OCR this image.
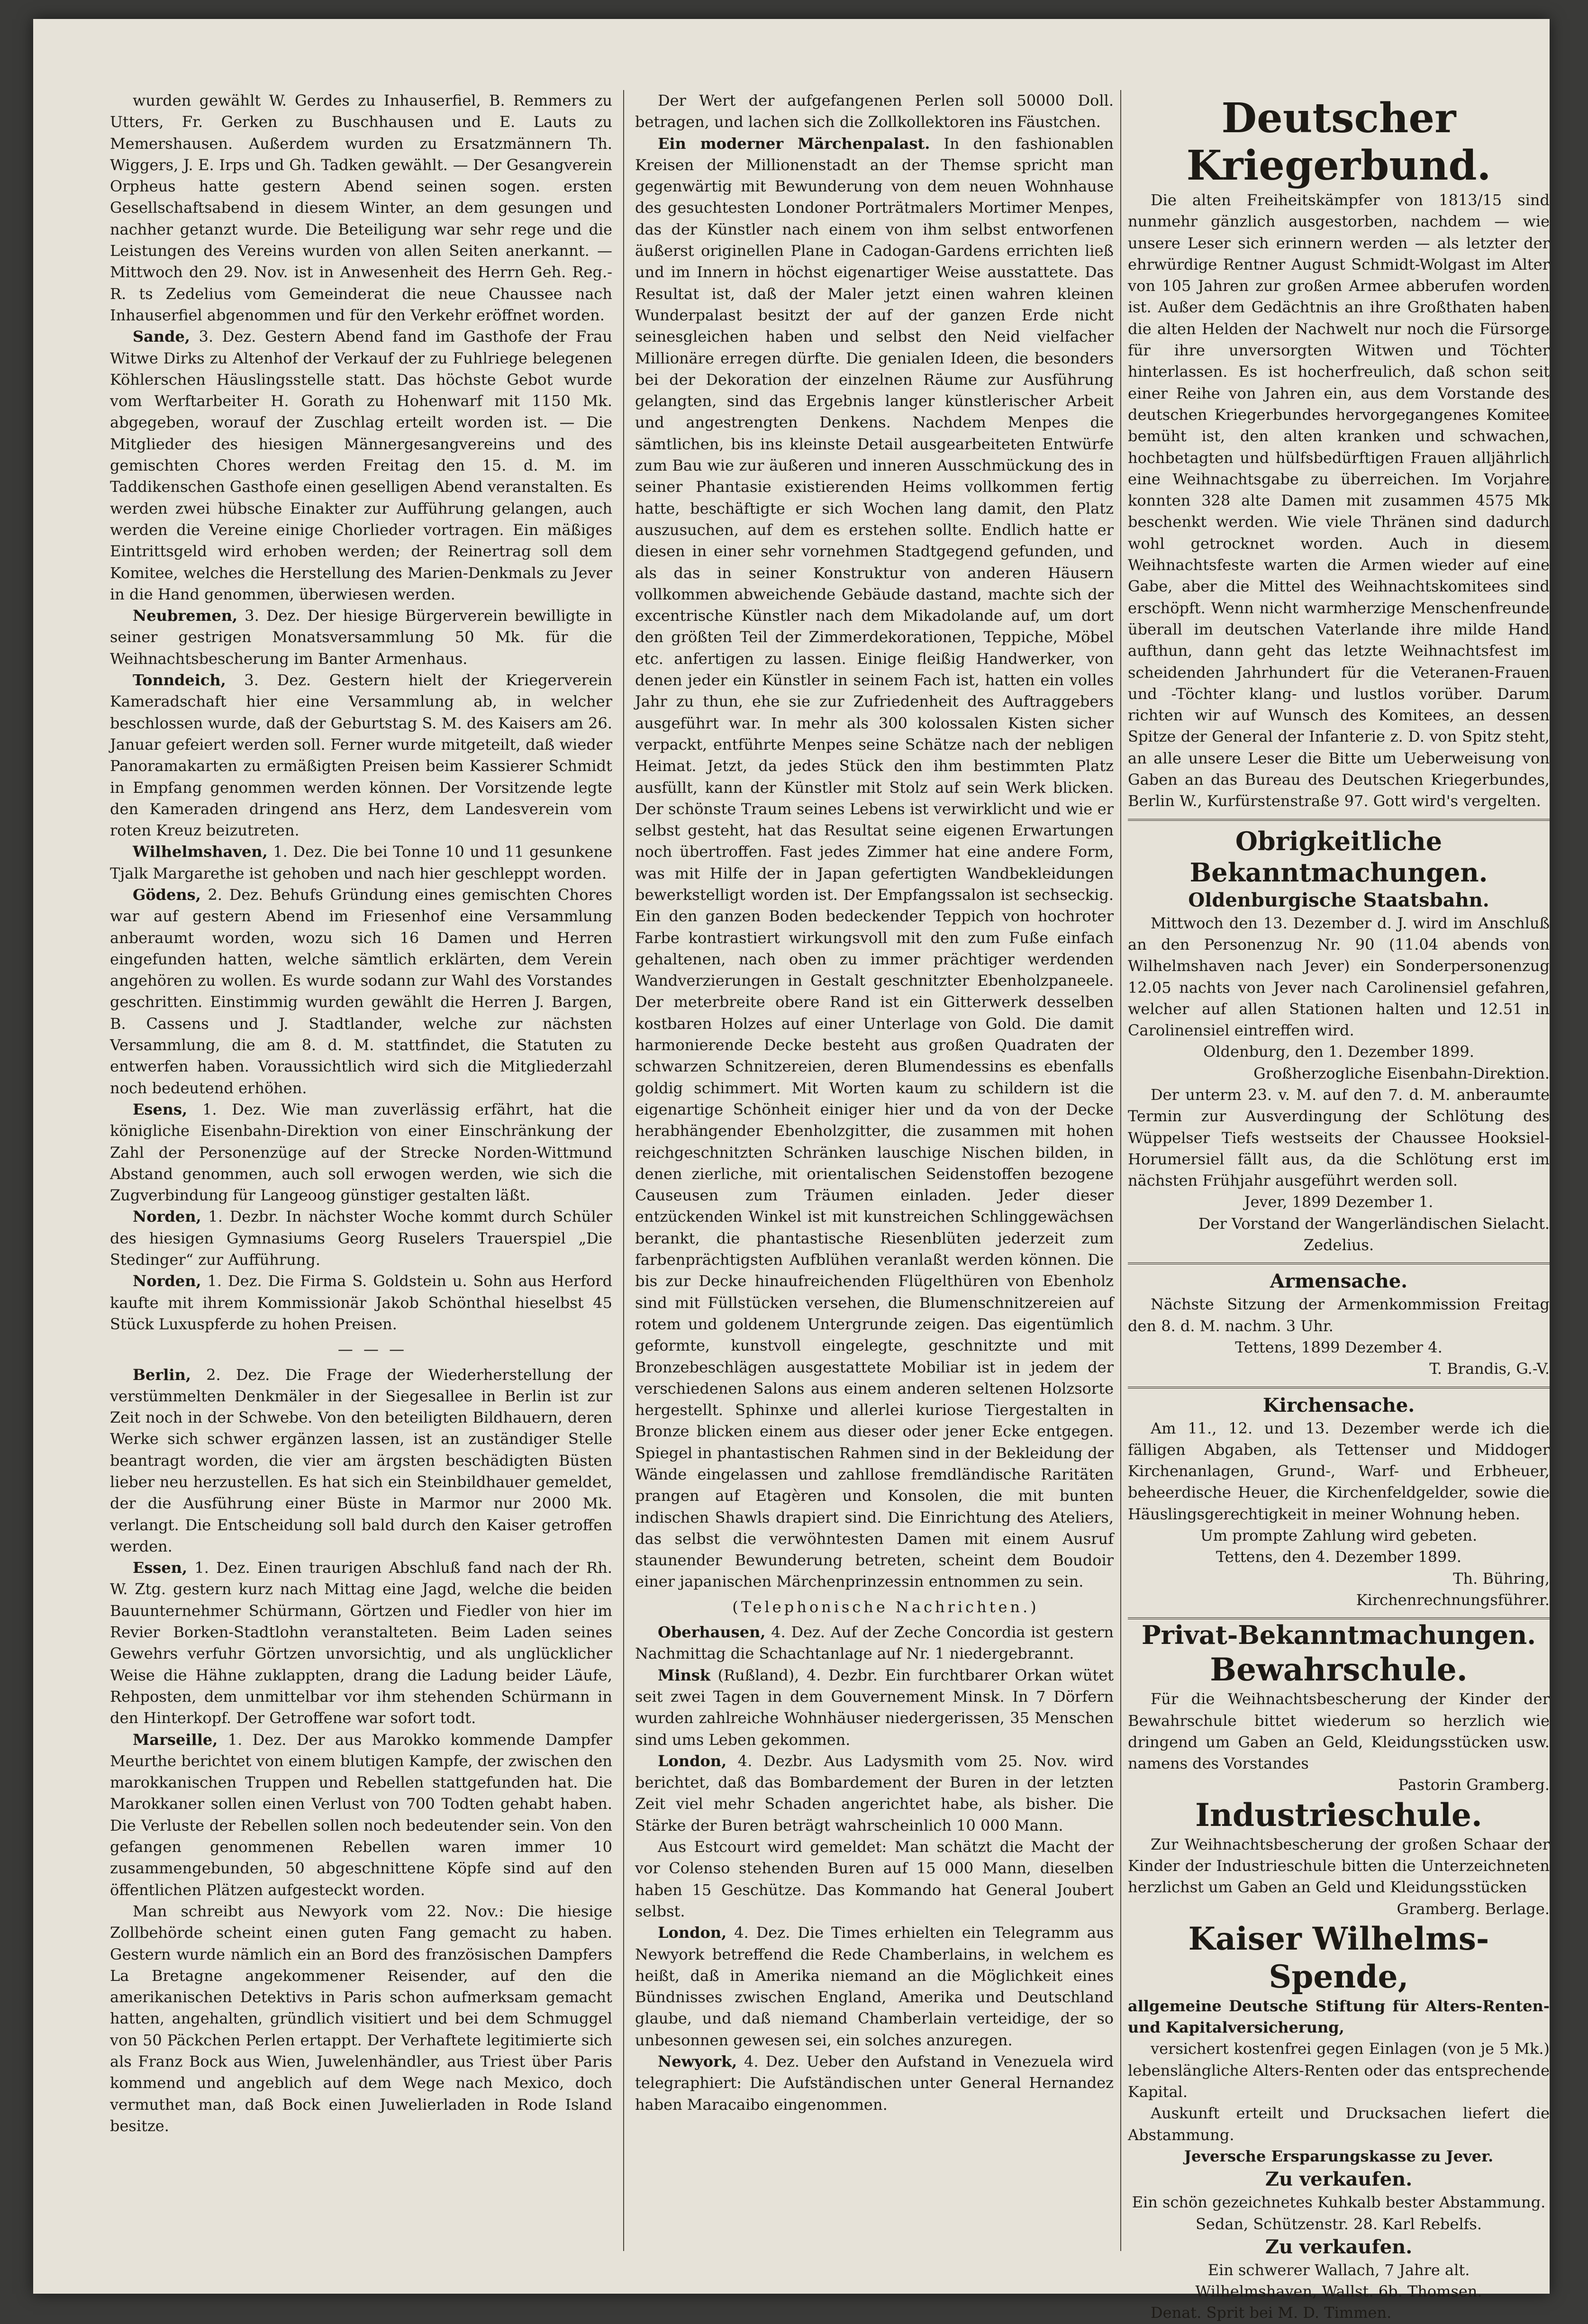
wurden gewählt W. Gerdes zu Inhauserfiel, B. Remmers zu Utters, Fr. Gerken zu Buschhausen und E. Lauts zu Memershausen. Außerdem wurden zu Ersatzmännern Th. Wiggers, J. E. Irps und Gh. Tadken gewählt. — Der Gesangverein Orpheus hatte gestern Abend seinen sogen. ersten Gesellschaftsabend in diesem Winter, an dem gesungen und nachher getanzt wurde. Die Beteiligung war sehr rege und die Leistungen des Vereins wurden von allen Seiten anerkannt. — Mittwoch den 29. Nov. ist in Anwesenheit des Herrn Geh. Reg.-R. ts Zedelius vom Gemeinderat die neue Chaussee nach Inhauserfiel abgenommen und für den Verkehr eröffnet worden.

Sande, 3. Dez. Gestern Abend fand im Gasthofe der Frau Witwe Dirks zu Altenhof der Verkauf der zu Fuhlriege belegenen Köhlerschen Häuslingsstelle statt. Das höchste Gebot wurde vom Werftarbeiter H. Gorath zu Hohenwarf mit 1150 Mk. abgegeben, worauf der Zuschlag erteilt worden ist. — Die Mitglieder des hiesigen Männergesangvereins und des gemischten Chores werden Freitag den 15. d. M. im Taddikenschen Gasthofe einen geselligen Abend veranstalten. Es werden zwei hübsche Einakter zur Aufführung gelangen, auch werden die Vereine einige Chorlieder vortragen. Ein mäßiges Eintrittsgeld wird erhoben werden; der Reinertrag soll dem Komitee, welches die Herstellung des Marien-Denkmals zu Jever in die Hand genommen, überwiesen werden.

Neubremen, 3. Dez. Der hiesige Bürgerverein bewilligte in seiner gestrigen Monatsversammlung 50 Mk. für die Weihnachtsbescherung im Banter Armenhaus.

Tonndeich, 3. Dez. Gestern hielt der Kriegerverein Kameradschaft hier eine Versammlung ab, in welcher beschlossen wurde, daß der Geburtstag S. M. des Kaisers am 26. Januar gefeiert werden soll. Ferner wurde mitgeteilt, daß wieder Panoramakarten zu ermäßigten Preisen beim Kassierer Schmidt in Empfang genommen werden können. Der Vorsitzende legte den Kameraden dringend ans Herz, dem Landesverein vom roten Kreuz beizutreten.

Wilhelmshaven, 1. Dez. Die bei Tonne 10 und 11 gesunkene Tjalk Margarethe ist gehoben und nach hier geschleppt worden.

Gödens, 2. Dez. Behufs Gründung eines gemischten Chores war auf gestern Abend im Friesenhof eine Versammlung anberaumt worden, wozu sich 16 Damen und Herren eingefunden hatten, welche sämtlich erklärten, dem Verein angehören zu wollen. Es wurde sodann zur Wahl des Vorstandes geschritten. Einstimmig wurden gewählt die Herren J. Bargen, B. Cassens und J. Stadtlander, welche zur nächsten Versammlung, die am 8. d. M. stattfindet, die Statuten zu entwerfen haben. Voraussichtlich wird sich die Mitgliederzahl noch bedeutend erhöhen.

Esens, 1. Dez. Wie man zuverlässig erfährt, hat die königliche Eisenbahn-Direktion von einer Einschränkung der Zahl der Personenzüge auf der Strecke Norden-Wittmund Abstand genommen, auch soll erwogen werden, wie sich die Zugverbindung für Langeoog günstiger gestalten läßt.

Norden, 1. Dezbr. In nächster Woche kommt durch Schüler des hiesigen Gymnasiums Georg Ruselers Trauerspiel „Die Stedinger“ zur Aufführung.

Norden, 1. Dez. Die Firma S. Goldstein u. Sohn aus Herford kaufte mit ihrem Kommissionär Jakob Schönthal hieselbst 45 Stück Luxuspferde zu hohen Preisen.

— — —

Berlin, 2. Dez. Die Frage der Wiederherstellung der verstümmelten Denkmäler in der Siegesallee in Berlin ist zur Zeit noch in der Schwebe. Von den beteiligten Bildhauern, deren Werke sich schwer ergänzen lassen, ist an zuständiger Stelle beantragt worden, die vier am ärgsten beschädigten Büsten lieber neu herzustellen. Es hat sich ein Steinbildhauer gemeldet, der die Ausführung einer Büste in Marmor nur 2000 Mk. verlangt. Die Entscheidung soll bald durch den Kaiser getroffen werden.

Essen, 1. Dez. Einen traurigen Abschluß fand nach der Rh. W. Ztg. gestern kurz nach Mittag eine Jagd, welche die beiden Bauunternehmer Schürmann, Görtzen und Fiedler von hier im Revier Borken-Stadtlohn veranstalteten. Beim Laden seines Gewehrs verfuhr Görtzen unvorsichtig, und als unglücklicher Weise die Hähne zuklappten, drang die Ladung beider Läufe, Rehposten, dem unmittelbar vor ihm stehenden Schürmann in den Hinterkopf. Der Getroffene war sofort todt.

Marseille, 1. Dez. Der aus Marokko kommende Dampfer Meurthe berichtet von einem blutigen Kampfe, der zwischen den marokkanischen Truppen und Rebellen stattgefunden hat. Die Marokkaner sollen einen Verlust von 700 Todten gehabt haben. Die Verluste der Rebellen sollen noch bedeutender sein. Von den gefangen genommenen Rebellen waren immer 10 zusammengebunden, 50 abgeschnittene Köpfe sind auf den öffentlichen Plätzen aufgesteckt worden.

Man schreibt aus Newyork vom 22. Nov.: Die hiesige Zollbehörde scheint einen guten Fang gemacht zu haben. Gestern wurde nämlich ein an Bord des französischen Dampfers La Bretagne angekommener Reisender, auf den die amerikanischen Detektivs in Paris schon aufmerksam gemacht hatten, angehalten, gründlich visitiert und bei dem Schmuggel von 50 Päckchen Perlen ertappt. Der Verhaftete legitimierte sich als Franz Bock aus Wien, Juwelenhändler, aus Triest über Paris kommend und angeblich auf dem Wege nach Mexico, doch vermuthet man, daß Bock einen Juwelierladen in Rode Island besitze.

Der Wert der aufgefangenen Perlen soll 50000 Doll. betragen, und lachen sich die Zollkollektoren ins Fäustchen.

Ein moderner Märchenpalast. In den fashionablen Kreisen der Millionenstadt an der Themse spricht man gegenwärtig mit Bewunderung von dem neuen Wohnhause des gesuchtesten Londoner Porträtmalers Mortimer Menpes, das der Künstler nach einem von ihm selbst entworfenen äußerst originellen Plane in Cadogan-Gardens errichten ließ und im Innern in höchst eigenartiger Weise ausstattete. Das Resultat ist, daß der Maler jetzt einen wahren kleinen Wunderpalast besitzt der auf der ganzen Erde nicht seinesgleichen haben und selbst den Neid vielfacher Millionäre erregen dürfte. Die genialen Ideen, die besonders bei der Dekoration der einzelnen Räume zur Ausführung gelangten, sind das Ergebnis langer künstlerischer Arbeit und angestrengten Denkens. Nachdem Menpes die sämtlichen, bis ins kleinste Detail ausgearbeiteten Entwürfe zum Bau wie zur äußeren und inneren Ausschmückung des in seiner Phantasie existierenden Heims vollkommen fertig hatte, beschäftigte er sich Wochen lang damit, den Platz auszusuchen, auf dem es erstehen sollte. Endlich hatte er diesen in einer sehr vornehmen Stadtgegend gefunden, und als das in seiner Konstruktur von anderen Häusern vollkommen abweichende Gebäude dastand, machte sich der excentrische Künstler nach dem Mikadolande auf, um dort den größten Teil der Zimmerdekorationen, Teppiche, Möbel etc. anfertigen zu lassen. Einige fleißig Handwerker, von denen jeder ein Künstler in seinem Fach ist, hatten ein volles Jahr zu thun, ehe sie zur Zufriedenheit des Auftraggebers ausgeführt war. In mehr als 300 kolossalen Kisten sicher verpackt, entführte Menpes seine Schätze nach der nebligen Heimat. Jetzt, da jedes Stück den ihm bestimmten Platz ausfüllt, kann der Künstler mit Stolz auf sein Werk blicken. Der schönste Traum seines Lebens ist verwirklicht und wie er selbst gesteht, hat das Resultat seine eigenen Erwartungen noch übertroffen. Fast jedes Zimmer hat eine andere Form, was mit Hilfe der in Japan gefertigten Wandbekleidungen bewerkstelligt worden ist. Der Empfangssalon ist sechseckig. Ein den ganzen Boden bedeckender Teppich von hochroter Farbe kontrastiert wirkungsvoll mit den zum Fuße einfach gehaltenen, nach oben zu immer prächtiger werdenden Wandverzierungen in Gestalt geschnitzter Ebenholzpaneele. Der meterbreite obere Rand ist ein Gitterwerk desselben kostbaren Holzes auf einer Unterlage von Gold. Die damit harmonierende Decke besteht aus großen Quadraten der schwarzen Schnitzereien, deren Blumendessins es ebenfalls goldig schimmert. Mit Worten kaum zu schildern ist die eigenartige Schönheit einiger hier und da von der Decke herabhängender Ebenholzgitter, die zusammen mit hohen reichgeschnitzten Schränken lauschige Nischen bilden, in denen zierliche, mit orientalischen Seidenstoffen bezogene Causeusen zum Träumen einladen. Jeder dieser entzückenden Winkel ist mit kunstreichen Schlinggewächsen berankt, die phantastische Riesenblüten jederzeit zum farbenprächtigsten Aufblühen veranlaßt werden können. Die bis zur Decke hinaufreichenden Flügelthüren von Ebenholz sind mit Füllstücken versehen, die Blumenschnitzereien auf rotem und goldenem Untergrunde zeigen. Das eigentümlich geformte, kunstvoll eingelegte, geschnitzte und mit Bronzebeschlägen ausgestattete Mobiliar ist in jedem der verschiedenen Salons aus einem anderen seltenen Holzsorte hergestellt. Sphinxe und allerlei kuriose Tiergestalten in Bronze blicken einem aus dieser oder jener Ecke entgegen. Spiegel in phantastischen Rahmen sind in der Bekleidung der Wände eingelassen und zahllose fremdländische Raritäten prangen auf Etagèren und Konsolen, die mit bunten indischen Shawls drapiert sind. Die Einrichtung des Ateliers, das selbst die verwöhntesten Damen mit einem Ausruf staunender Bewunderung betreten, scheint dem Boudoir einer japanischen Märchenprinzessin entnommen zu sein.

(Telephonische Nachrichten.)

Oberhausen, 4. Dez. Auf der Zeche Concordia ist gestern Nachmittag die Schachtanlage auf Nr. 1 niedergebrannt.

Minsk (Rußland), 4. Dezbr. Ein furchtbarer Orkan wütet seit zwei Tagen in dem Gouvernement Minsk. In 7 Dörfern wurden zahlreiche Wohnhäuser niedergerissen, 35 Menschen sind ums Leben gekommen.

London, 4. Dezbr. Aus Ladysmith vom 25. Nov. wird berichtet, daß das Bombardement der Buren in der letzten Zeit viel mehr Schaden angerichtet habe, als bisher. Die Stärke der Buren beträgt wahrscheinlich 10 000 Mann.

Aus Estcourt wird gemeldet: Man schätzt die Macht der vor Colenso stehenden Buren auf 15 000 Mann, dieselben haben 15 Geschütze. Das Kommando hat General Joubert selbst.

London, 4. Dez. Die Times erhielten ein Telegramm aus Newyork betreffend die Rede Chamberlains, in welchem es heißt, daß in Amerika niemand an die Möglichkeit eines Bündnisses zwischen England, Amerika und Deutschland glaube, und daß niemand Chamberlain verteidige, der so unbesonnen gewesen sei, ein solches anzuregen.

Newyork, 4. Dez. Ueber den Aufstand in Venezuela wird telegraphiert: Die Aufständischen unter General Hernandez haben Maracaibo eingenommen.

Deutscher Kriegerbund.

Die alten Freiheitskämpfer von 1813/15 sind nunmehr gänzlich ausgestorben, nachdem — wie unsere Leser sich erinnern werden — als letzter der ehrwürdige Rentner August Schmidt-Wolgast im Alter von 105 Jahren zur großen Armee abberufen worden ist. Außer dem Gedächtnis an ihre Großthaten haben die alten Helden der Nachwelt nur noch die Fürsorge für ihre unversorgten Witwen und Töchter hinterlassen. Es ist hocherfreulich, daß schon seit einer Reihe von Jahren ein, aus dem Vorstande des deutschen Kriegerbundes hervorgegangenes Komitee bemüht ist, den alten kranken und schwachen, hochbetagten und hülfsbedürftigen Frauen alljährlich eine Weihnachtsgabe zu überreichen. Im Vorjahre konnten 328 alte Damen mit zusammen 4575 Mk beschenkt werden. Wie viele Thränen sind dadurch wohl getrocknet worden. Auch in diesem Weihnachtsfeste warten die Armen wieder auf eine Gabe, aber die Mittel des Weihnachtskomitees sind erschöpft. Wenn nicht warmherzige Menschenfreunde überall im deutschen Vaterlande ihre milde Hand aufthun, dann geht das letzte Weihnachtsfest im scheidenden Jahrhundert für die Veteranen-Frauen und -Töchter klang- und lustlos vorüber. Darum richten wir auf Wunsch des Komitees, an dessen Spitze der General der Infanterie z. D. von Spitz steht, an alle unsere Leser die Bitte um Ueberweisung von Gaben an das Bureau des Deutschen Kriegerbundes, Berlin W., Kurfürstenstraße 97. Gott wird's vergelten.

Obrigkeitliche Bekanntmachungen.

Oldenburgische Staatsbahn.

Mittwoch den 13. Dezember d. J. wird im Anschluß an den Personenzug Nr. 90 (11.04 abends von Wilhelmshaven nach Jever) ein Sonderpersonenzug 12.05 nachts von Jever nach Carolinensiel gefahren, welcher auf allen Stationen halten und 12.51 in Carolinensiel eintreffen wird.

Oldenburg, den 1. Dezember 1899.

Großherzogliche Eisenbahn-Direktion.

Der unterm 23. v. M. auf den 7. d. M. anberaumte Termin zur Ausverdingung der Schlötung des Wüppelser Tiefs westseits der Chaussee Hooksiel-Horumersiel fällt aus, da die Schlötung erst im nächsten Frühjahr ausgeführt werden soll.

Jever, 1899 Dezember 1.

Der Vorstand der Wangerländischen Sielacht.

Zedelius.

Armensache.

Nächste Sitzung der Armenkommission Freitag den 8. d. M. nachm. 3 Uhr.

Tettens, 1899 Dezember 4.

T. Brandis, G.-V.

Kirchensache.

Am 11., 12. und 13. Dezember werde ich die fälligen Abgaben, als Tettenser und Middoger Kirchenanlagen, Grund-, Warf- und Erbheuer, beheerdische Heuer, die Kirchenfeldgelder, sowie die Häuslingsgerechtigkeit in meiner Wohnung heben.

Um prompte Zahlung wird gebeten.

Tettens, den 4. Dezember 1899.

Th. Bühring,

Kirchenrechnungsführer.

Privat-Bekanntmachungen.

Bewahrschule.

Für die Weihnachtsbescherung der Kinder der Bewahrschule bittet wiederum so herzlich wie dringend um Gaben an Geld, Kleidungsstücken usw. namens des Vorstandes

Pastorin Gramberg.

Industrieschule.

Zur Weihnachtsbescherung der großen Schaar der Kinder der Industrieschule bitten die Unterzeichneten herzlichst um Gaben an Geld und Kleidungsstücken

Gramberg. Berlage.

Kaiser Wilhelms-Spende,

allgemeine Deutsche Stiftung für Alters-Renten- und Kapitalversicherung,

versichert kostenfrei gegen Einlagen (von je 5 Mk.) lebenslängliche Alters-Renten oder das entsprechende Kapital.

Auskunft erteilt und Drucksachen liefert die Abstammung.

Jeversche Ersparungskasse zu Jever.

Zu verkaufen.

Ein schön gezeichnetes Kuhkalb bester Abstammung.

Sedan, Schützenstr. 28. Karl Rebelfs.

Zu verkaufen.

Ein schwerer Wallach, 7 Jahre alt.

Wilhelmshaven, Wallst. 6b. Thomsen.

Denat. Sprit bei M. D. Timmen.
